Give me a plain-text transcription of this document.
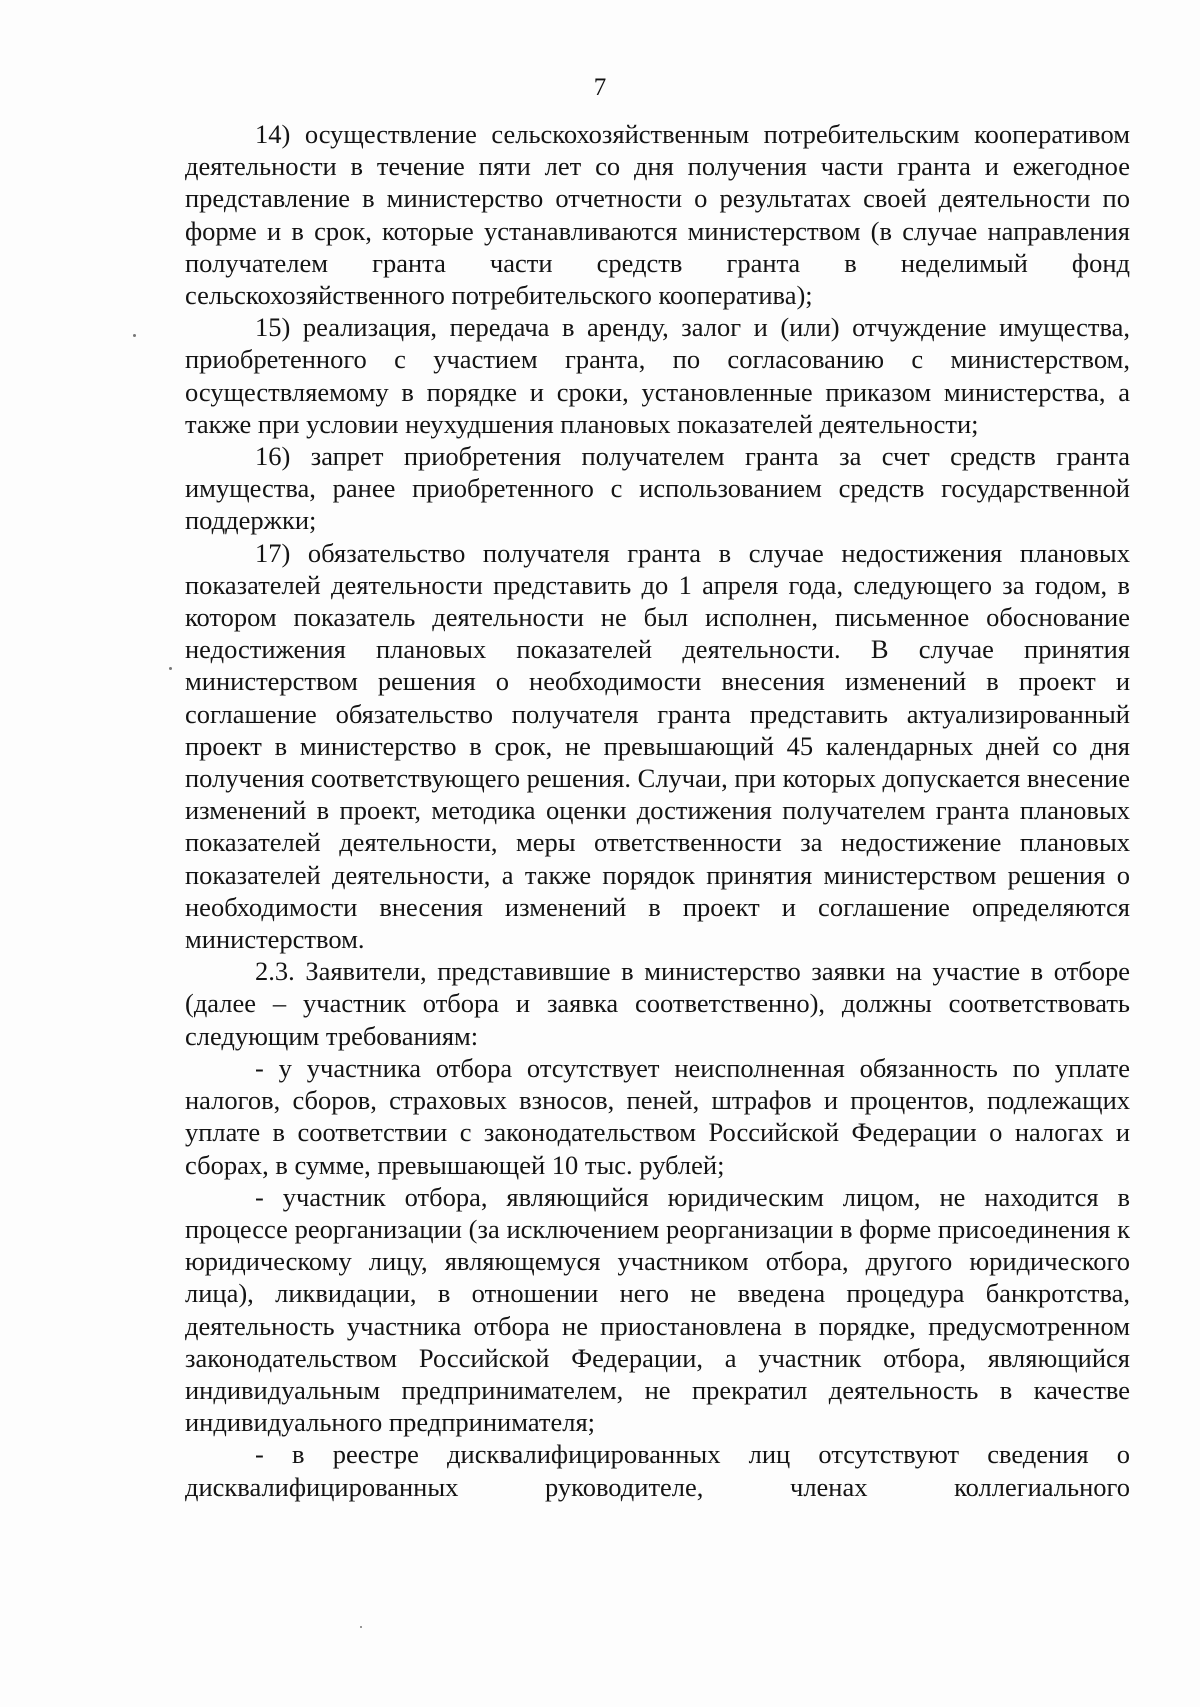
7

14) осуществление сельскохозяйственным потребительским кооперативом деятельности в течение пяти лет со дня получения части гранта и ежегодное представление в министерство отчетности о результатах своей деятельности по форме и в срок, которые устанавливаются министерством (в случае направления получателем гранта части средств гранта в неделимый фонд сельскохозяйственного потребительского кооператива);

15) реализация, передача в аренду, залог и (или) отчуждение имущества, приобретенного с участием гранта, по согласованию с министерством, осуществляемому в порядке и сроки, установленные приказом министерства, а также при условии неухудшения плановых показателей деятельности;

16) запрет приобретения получателем гранта за счет средств гранта имущества, ранее приобретенного с использованием средств государственной поддержки;

17) обязательство получателя гранта в случае недостижения плановых показателей деятельности представить до 1 апреля года, следующего за годом, в котором показатель деятельности не был исполнен, письменное обоснование недостижения плановых показателей деятельности. В случае принятия министерством решения о необходимости внесения изменений в проект и соглашение обязательство получателя гранта представить актуализированный проект в министерство в срок, не превышающий 45 календарных дней со дня получения соответствующего решения. Случаи, при которых допускается внесение изменений в проект, методика оценки достижения получателем гранта плановых показателей деятельности, меры ответственности за недостижение плановых показателей деятельности, а также порядок принятия министерством решения о необходимости внесения изменений в проект и соглашение определяются министерством.

2.3. Заявители, представившие в министерство заявки на участие в отборе (далее – участник отбора и заявка соответственно), должны соответствовать следующим требованиям:

- у участника отбора отсутствует неисполненная обязанность по уплате налогов, сборов, страховых взносов, пеней, штрафов и процентов, подлежащих уплате в соответствии с законодательством Российской Федерации о налогах и сборах, в сумме, превышающей 10 тыс. рублей;

- участник отбора, являющийся юридическим лицом, не находится в процессе реорганизации (за исключением реорганизации в форме присоединения к юридическому лицу, являющемуся участником отбора, другого юридического лица), ликвидации, в отношении него не введена процедура банкротства, деятельность участника отбора не приостановлена в порядке, предусмотренном законодательством Российской Федерации, а участник отбора, являющийся индивидуальным предпринимателем, не прекратил деятельность в качестве индивидуального предпринимателя;

- в реестре дисквалифицированных лиц отсутствуют сведения о дисквалифицированных руководителе, членах коллегиального
